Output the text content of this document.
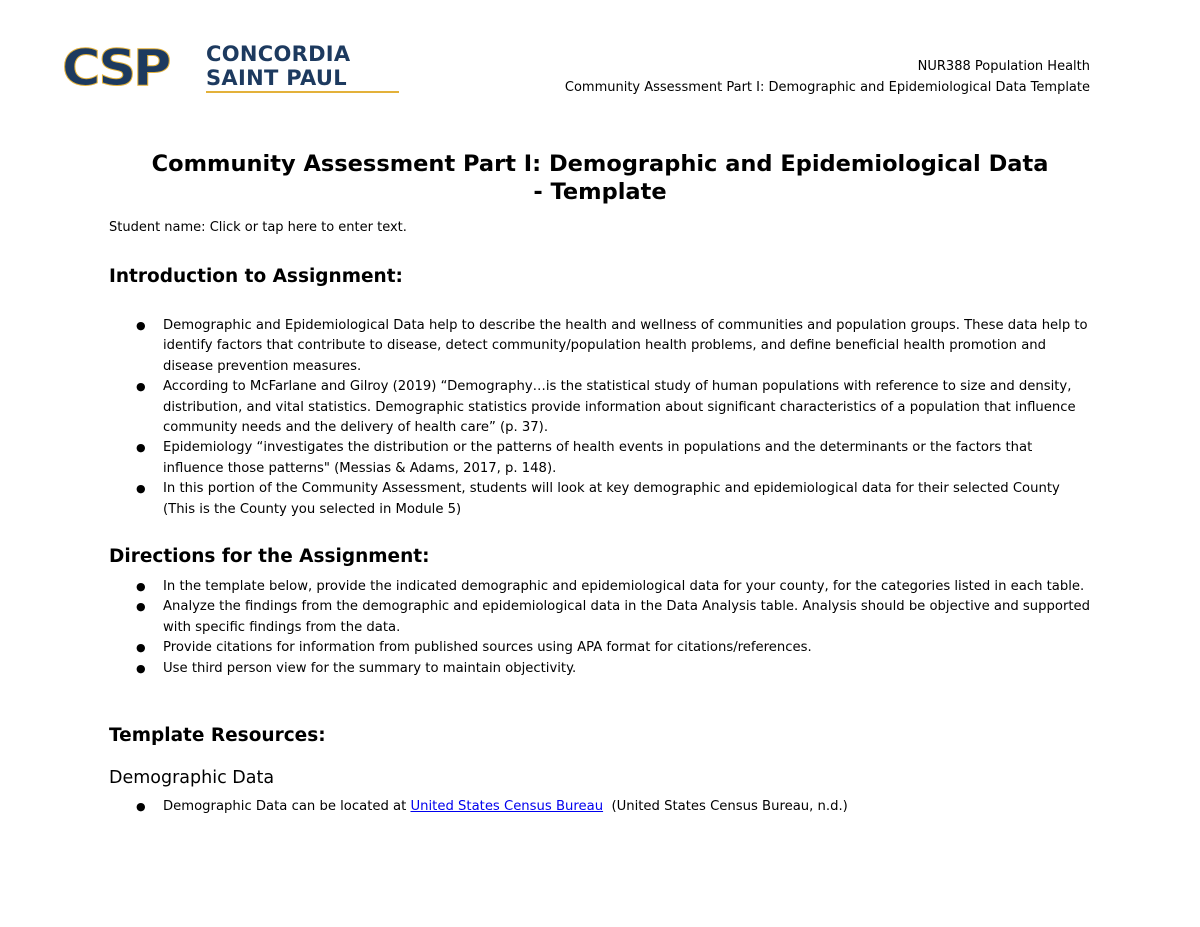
CSP	CONCORDIA
SAINT PAUL	NUR388 Population Health
Community Assessment Part I: Demographic and Epidemiological Data Template
Community Assessment Part I: Demographic and Epidemiological Data
- Template
Student name: Click or tap here to enter text.
Introduction to Assignment:
● Demographic and Epidemiological Data help to describe the health and wellness of communities and population groups. These data help to identify factors that contribute to disease, detect community/population health problems, and define beneficial health promotion and disease prevention measures.
● According to McFarlane and Gilroy (2019) “Demography…is the statistical study of human populations with reference to size and density, distribution, and vital statistics. Demographic statistics provide information about significant characteristics of a population that influence community needs and the delivery of health care” (p. 37).
● Epidemiology “investigates the distribution or the patterns of health events in populations and the determinants or the factors that influence those patterns" (Messias & Adams, 2017, p. 148).
● In this portion of the Community Assessment, students will look at key demographic and epidemiological data for their selected County (This is the County you selected in Module 5)
Directions for the Assignment:
● In the template below, provide the indicated demographic and epidemiological data for your county, for the categories listed in each table.
● Analyze the findings from the demographic and epidemiological data in the Data Analysis table. Analysis should be objective and supported with specific findings from the data.
● Provide citations for information from published sources using APA format for citations/references.
● Use third person view for the summary to maintain objectivity.
Template Resources:
Demographic Data
● Demographic Data can be located at United States Census Bureau  (United States Census Bureau, n.d.)
